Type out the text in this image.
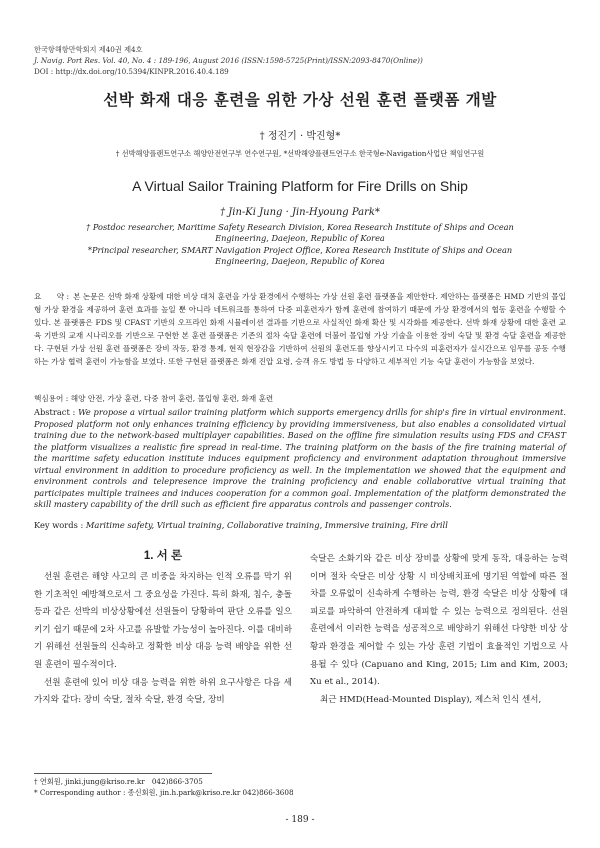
한국항해항만학회지 제40권 제4호
J. Navig. Port Res. Vol. 40, No. 4 : 189-196, August 2016 (ISSN:1598-5725(Print)/ISSN:2093-8470(Online))
DOI : http://dx.doi.org/10.5394/KINPR.2016.40.4.189
선박 화재 대응 훈련을 위한 가상 선원 훈련 플랫폼 개발
† 정진기 · 박진형*
† 선박해양플랜트연구소 해양안전연구부 연수연구원, *선박해양플랜트연구소 한국형e-Navigation사업단 책임연구원
A Virtual Sailor Training Platform for Fire Drills on Ship
† Jin-Ki Jung · Jin-Hyoung Park*

† Postdoc researcher, Maritime Safety Research Division, Korea Research Institute of Ships and Ocean Engineering, Daejeon, Republic of Korea

*Principal researcher, SMART Navigation Project Office, Korea Research Institute of Ships and Ocean Engineering, Daejeon, Republic of Korea

요　　약 : 본 논문은 선박 화재 상황에 대한 비상 대처 훈련을 가상 환경에서 수행하는 가상 선원 훈련 플랫폼을 제안한다. 제안하는 플랫폼은 HMD 기반의 몰입형 가상 환경을 제공하여 훈련 효과를 높일 뿐 아니라 네트워크를 통하여 다중 피훈련자가 함께 훈련에 참여하기 때문에 가상 환경에서의 협동 훈련을 수행할 수 있다. 본 플랫폼은 FDS 및 CFAST 기반의 오프라인 화재 시뮬레이션 결과를 기반으로 사실적인 화재 확산 및 시각화를 제공한다. 선박 화재 상황에 대한 훈련 교육 기반의 교재 시나리오를 기반으로 구현한 본 훈련 플랫폼은 기존의 절차 숙달 훈련에 더불어 몰입형 가상 기술을 이용한 장비 숙달 및 환경 숙달 훈련을 제공한다. 구현된 가상 선원 훈련 플랫폼은 장비 작동, 환경 통제, 현직 현장감을 기반하여 선원의 훈련도를 향상시키고 다수의 피훈련자가 실시간으로 임무를 공동 수행하는 가상 협력 훈련이 가능함을 보였다. 또한 구현된 플랫폼은 화재 진압 요령, 승객 유도 방법 등 다양하고 세부적인 기능 숙달 훈련이 가능함을 보였다.
핵심용어 : 해양 안전, 가상 훈련, 다중 참여 훈련, 몰입형 훈련, 화재 훈련
Abstract : We propose a virtual sailor training platform which supports emergency drills for ship's fire in virtual environment. Proposed platform not only enhances training efficiency by providing immersiveness, but also enables a consolidated virtual training due to the network-based multiplayer capabilities. Based on the offline fire simulation results using FDS and CFAST the platform visualizes a realistic fire spread in real-time. The training platform on the basis of the fire training material of the maritime safety education institute induces equipment proficiency and environment adaptation throughout immersive virtual environment in addition to procedure proficiency as well. In the implementation we showed that the equipment and environment controls and telepresence improve the training proficiency and enable collaborative virtual training that participates multiple trainees and induces cooperation for a common goal. Implementation of the platform demonstrated the skill mastery capability of the drill such as efficient fire apparatus controls and passenger controls.
Key words : Maritime safety, Virtual training, Collaborative training, Immersive training, Fire drill
1. 서 론

선원 훈련은 해양 사고의 큰 비중을 차지하는 인적 오류를 막기 위한 기초적인 예방책으로서 그 중요성을 가진다. 특히 화재, 침수, 충돌 등과 같은 선박의 비상상황에선 선원들이 당황하여 판단 오류를 일으키기 쉽기 때문에 2차 사고를 유발할 가능성이 높아진다. 이를 대비하기 위해선 선원들의 신속하고 정확한 비상 대응 능력 배양을 위한 선원 훈련이 필수적이다.

선원 훈련에 있어 비상 대응 능력을 위한 하위 요구사항은 다음 세 가지와 같다: 장비 숙달, 절차 숙달, 환경 숙달, 장비

숙달은 소화기와 같은 비상 장비를 상황에 맞게 동작, 대응하는 능력이며 절차 숙달은 비상 상황 시 비상배치표에 명기된 역할에 따른 절차를 오류없이 신속하게 수행하는 능력, 환경 숙달은 비상 상황에 대피로를 파악하여 안전하게 대피할 수 있는 능력으로 정의된다. 선원 훈련에서 이러한 능력을 성공적으로 배양하기 위해선 다양한 비상 상황과 환경을 제어할 수 있는 가상 훈련 기법이 효율적인 기법으로 사용될 수 있다 (Capuano and King, 2015; Lim and Kim, 2003; Xu et al., 2014).

최근 HMD(Head-Mounted Display), 제스처 인식 센서,

† 연회원, jinki.jung@kriso.re.kr　042)866-3705
* Corresponding author : 종신회원, jin.h.park@kriso.re.kr 042)866-3608
- 189 -
